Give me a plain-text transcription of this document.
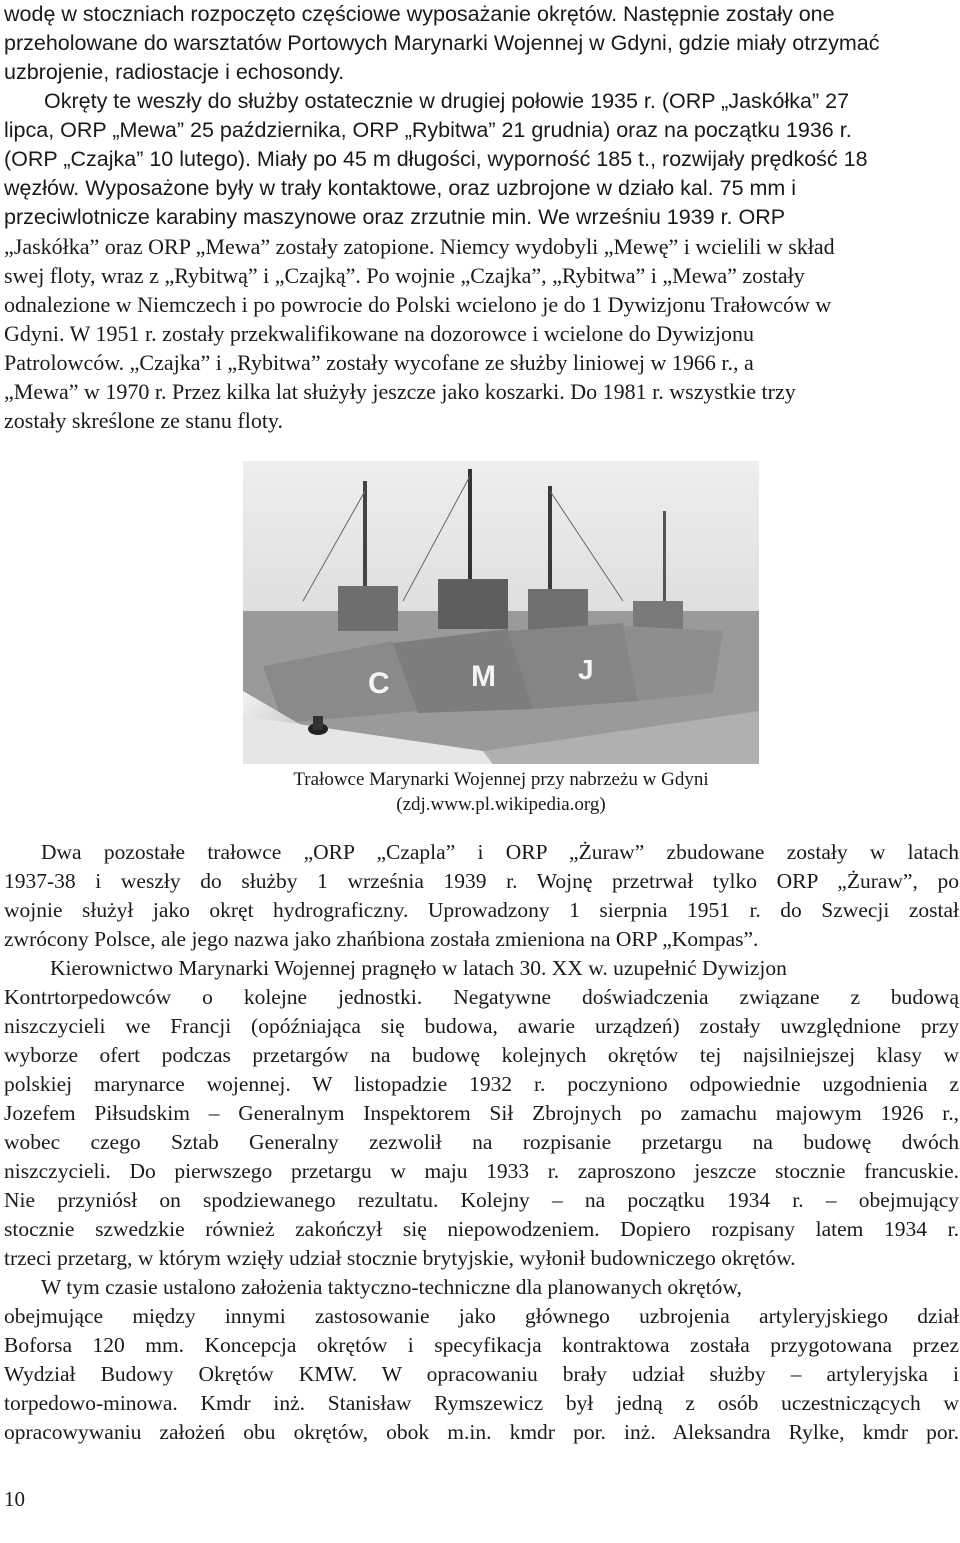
wodę w stoczniach rozpoczęto częściowe wyposażanie okrętów. Następnie zostały one
przeholowane do warsztatów Portowych Marynarki Wojennej w Gdyni, gdzie miały otrzymać
uzbrojenie, radiostacje i echosondy.
Okręty te weszły do służby ostatecznie w drugiej połowie 1935 r. (ORP „Jaskółka” 27
lipca, ORP „Mewa” 25 października, ORP „Rybitwa” 21 grudnia) oraz na początku 1936 r.
(ORP „Czajka” 10 lutego). Miały po 45 m długości, wyporność 185 t., rozwijały prędkość 18
węzłów. Wyposażone były w trały kontaktowe, oraz uzbrojone w działo kal. 75 mm i
przeciwlotnicze karabiny maszynowe oraz zrzutnie min. We wrześniu 1939 r. ORP
„Jaskółka” oraz ORP „Mewa” zostały zatopione. Niemcy wydobyli „Mewę” i wcielili w skład
swej floty, wraz z „Rybitwą” i „Czajką”. Po wojnie „Czajka”, „Rybitwa” i „Mewa” zostały
odnalezione w Niemczech i po powrocie do Polski wcielono je do 1 Dywizjonu Trałowców w
Gdyni. W 1951 r. zostały przekwalifikowane na dozorowce i wcielone do Dywizjonu
Patrolowców. „Czajka” i „Rybitwa” zostały wycofane ze służby liniowej w 1966 r., a
„Mewa” w 1970 r. Przez kilka lat służyły jeszcze jako koszarki. Do 1981 r. wszystkie trzy
zostały skreślone ze stanu floty.
C	M	J
Trałowce Marynarki Wojennej przy nabrzeżu w Gdyni
(zdj.www.pl.wikipedia.org)
Dwa pozostałe trałowce „ORP „Czapla” i ORP „Żuraw” zbudowane zostały w latach
1937-38 i weszły do służby 1 września 1939 r. Wojnę przetrwał tylko ORP „Żuraw”, po
wojnie służył jako okręt hydrograficzny. Uprowadzony 1 sierpnia 1951 r. do Szwecji został
zwrócony Polsce, ale jego nazwa jako zhańbiona została zmieniona na ORP „Kompas”.
Kierownictwo Marynarki Wojennej pragnęło w latach 30. XX w. uzupełnić Dywizjon
Kontrtorpedowców o kolejne jednostki. Negatywne doświadczenia związane z budową
niszczycieli we Francji (opóźniająca się budowa, awarie urządzeń) zostały uwzględnione przy
wyborze ofert podczas przetargów na budowę kolejnych okrętów tej najsilniejszej klasy w
polskiej marynarce wojennej. W listopadzie 1932 r. poczyniono odpowiednie uzgodnienia z
Jozefem Piłsudskim – Generalnym Inspektorem Sił Zbrojnych po zamachu majowym 1926 r.,
wobec czego Sztab Generalny zezwolił na rozpisanie przetargu na budowę dwóch
niszczycieli. Do pierwszego przetargu w maju 1933 r. zaproszono jeszcze stocznie francuskie.
Nie przyniósł on spodziewanego rezultatu. Kolejny – na początku 1934 r. – obejmujący
stocznie szwedzkie również zakończył się niepowodzeniem. Dopiero rozpisany latem 1934 r.
trzeci przetarg, w którym wzięły udział stocznie brytyjskie, wyłonił budowniczego okrętów.
W tym czasie ustalono założenia taktyczno-techniczne dla planowanych okrętów,
obejmujące między innymi zastosowanie jako głównego uzbrojenia artyleryjskiego dział
Boforsa 120 mm. Koncepcja okrętów i specyfikacja kontraktowa została przygotowana przez
Wydział Budowy Okrętów KMW. W opracowaniu brały udział służby – artyleryjska i
torpedowo-minowa. Kmdr inż. Stanisław Rymszewicz był jedną z osób uczestniczących w
opracowywaniu założeń obu okrętów, obok m.in. kmdr por. inż. Aleksandra Rylke, kmdr por.
10
